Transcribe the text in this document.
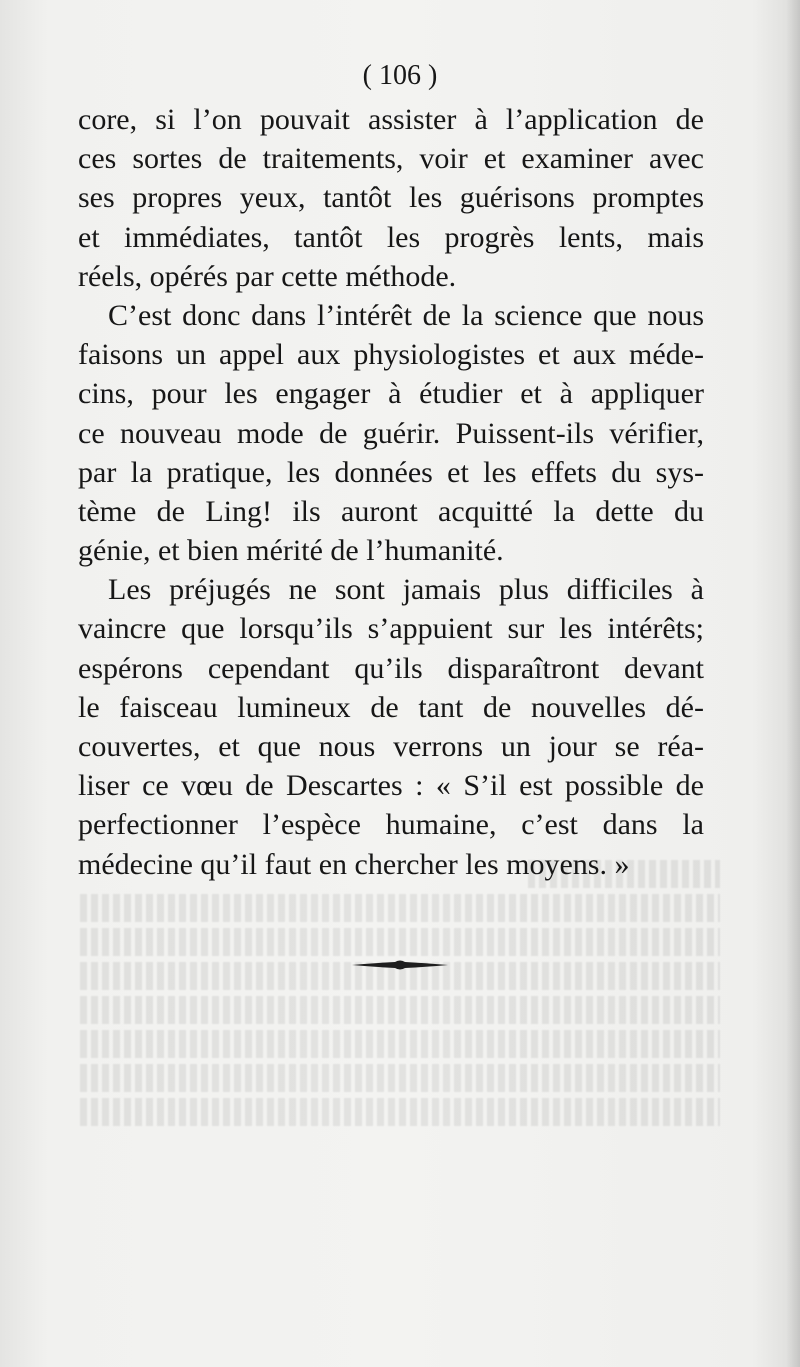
( 106 )
core, si l’on pouvait assister à l’application de
ces sortes de traitements, voir et examiner avec
ses propres yeux, tantôt les guérisons promptes
et immédiates, tantôt les progrès lents, mais
réels, opérés par cette méthode.
C’est donc dans l’intérêt de la science que nous
faisons un appel aux physiologistes et aux méde-
cins, pour les engager à étudier et à appliquer
ce nouveau mode de guérir. Puissent-ils vérifier,
par la pratique, les données et les effets du sys-
tème de Ling! ils auront acquitté la dette du
génie, et bien mérité de l’humanité.
Les préjugés ne sont jamais plus difficiles à
vaincre que lorsqu’ils s’appuient sur les intérêts;
espérons cependant qu’ils disparaîtront devant
le faisceau lumineux de tant de nouvelles dé-
couvertes, et que nous verrons un jour se réa-
liser ce vœu de Descartes : « S’il est possible de
perfectionner l’espèce humaine, c’est dans la
médecine qu’il faut en chercher les moyens. »
